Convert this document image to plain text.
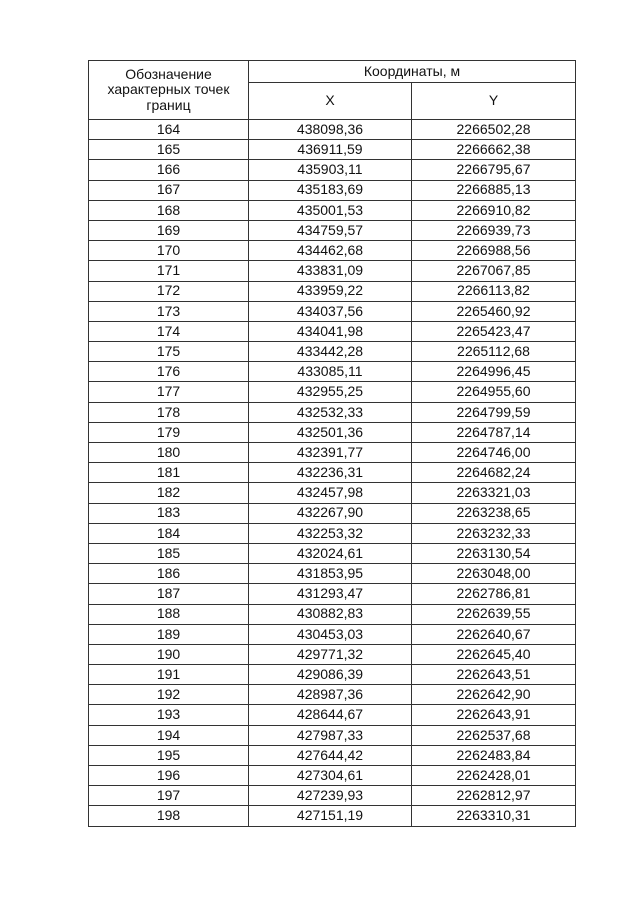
Обозначение характерных точек границ	Координаты, м	
	X	Y
164	438098,36	2266502,28
165	436911,59	2266662,38
166	435903,11	2266795,67
167	435183,69	2266885,13
168	435001,53	2266910,82
169	434759,57	2266939,73
170	434462,68	2266988,56
171	433831,09	2267067,85
172	433959,22	2266113,82
173	434037,56	2265460,92
174	434041,98	2265423,47
175	433442,28	2265112,68
176	433085,11	2264996,45
177	432955,25	2264955,60
178	432532,33	2264799,59
179	432501,36	2264787,14
180	432391,77	2264746,00
181	432236,31	2264682,24
182	432457,98	2263321,03
183	432267,90	2263238,65
184	432253,32	2263232,33
185	432024,61	2263130,54
186	431853,95	2263048,00
187	431293,47	2262786,81
188	430882,83	2262639,55
189	430453,03	2262640,67
190	429771,32	2262645,40
191	429086,39	2262643,51
192	428987,36	2262642,90
193	428644,67	2262643,91
194	427987,33	2262537,68
195	427644,42	2262483,84
196	427304,61	2262428,01
197	427239,93	2262812,97
198	427151,19	2263310,31
